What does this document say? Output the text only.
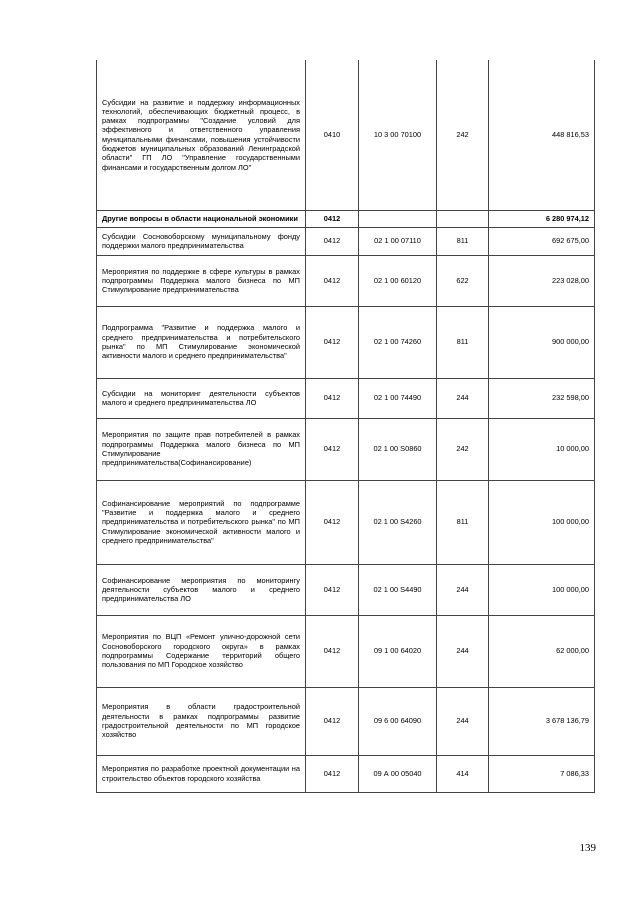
Субсидии на развитие и поддержку информационных технологий, обеспечивающих бюджетный процесс, в рамках подпрограммы "Создание условий для эффективного и ответственного управления муниципальными финансами, повышения устойчивости бюджетов муниципальных образований Ленинградской области" ГП ЛО "Управление государственными финансами и государственным долгом ЛО"	0410	10 3 00 70100	242	448 816,53
Другие вопросы в области национальной экономики	0412			6 280 974,12
Субсидии Сосновоборскому муниципальному фонду поддержки малого предпринимательства	0412	02 1 00 07110	811	692 675,00
Мероприятия по поддержке в сфере культуры в рамках подпрограммы Поддержка малого бизнеса по МП Стимулирование предпринимательства	0412	02 1 00 60120	622	223 028,00
Подпрограмма "Развитие и поддержка малого и среднего предпринимательства и потребительского рынка" по МП Стимулирование экономической активности малого и среднего предпринимательства"	0412	02 1 00 74260	811	900 000,00
Субсидии на мониторинг деятельности субъектов малого и среднего предпринимательства ЛО	0412	02 1 00 74490	244	232 598,00
Мероприятия по защите прав потребителей в рамках подпрограммы Поддержка малого бизнеса по МП Стимулирование предпринимательства(Софинансирование)	0412	02 1 00 S0860	242	10 000,00
Софинансирование мероприятий по подпрограмме "Развитие и поддержка малого и среднего предпринимательства и потребительского рынка" по МП Стимулирование экономической активности малого и среднего предпринимательства"	0412	02 1 00 S4260	811	100 000,00
Софинансирование мероприятия по мониторингу деятельности субъектов малого и среднего предпринимательства ЛО	0412	02 1 00 S4490	244	100 000,00
Мероприятия по ВЦП «Ремонт улично-дорожной сети Сосновоборского городского округа» в рамках подпрограммы Содержание территорий общего пользования по МП Городское хозяйство	0412	09 1 00 64020	244	62 000,00
Мероприятия в области градостроительной деятельности в рамках подпрограммы развитие градостроительной деятельности по МП городское хозяйство	0412	09 6 00 64090	244	3 678 136,79
Мероприятия по разработке проектной документации на строительство объектов городского хозяйства	0412	09 А 00 05040	414	7 086,33
139
